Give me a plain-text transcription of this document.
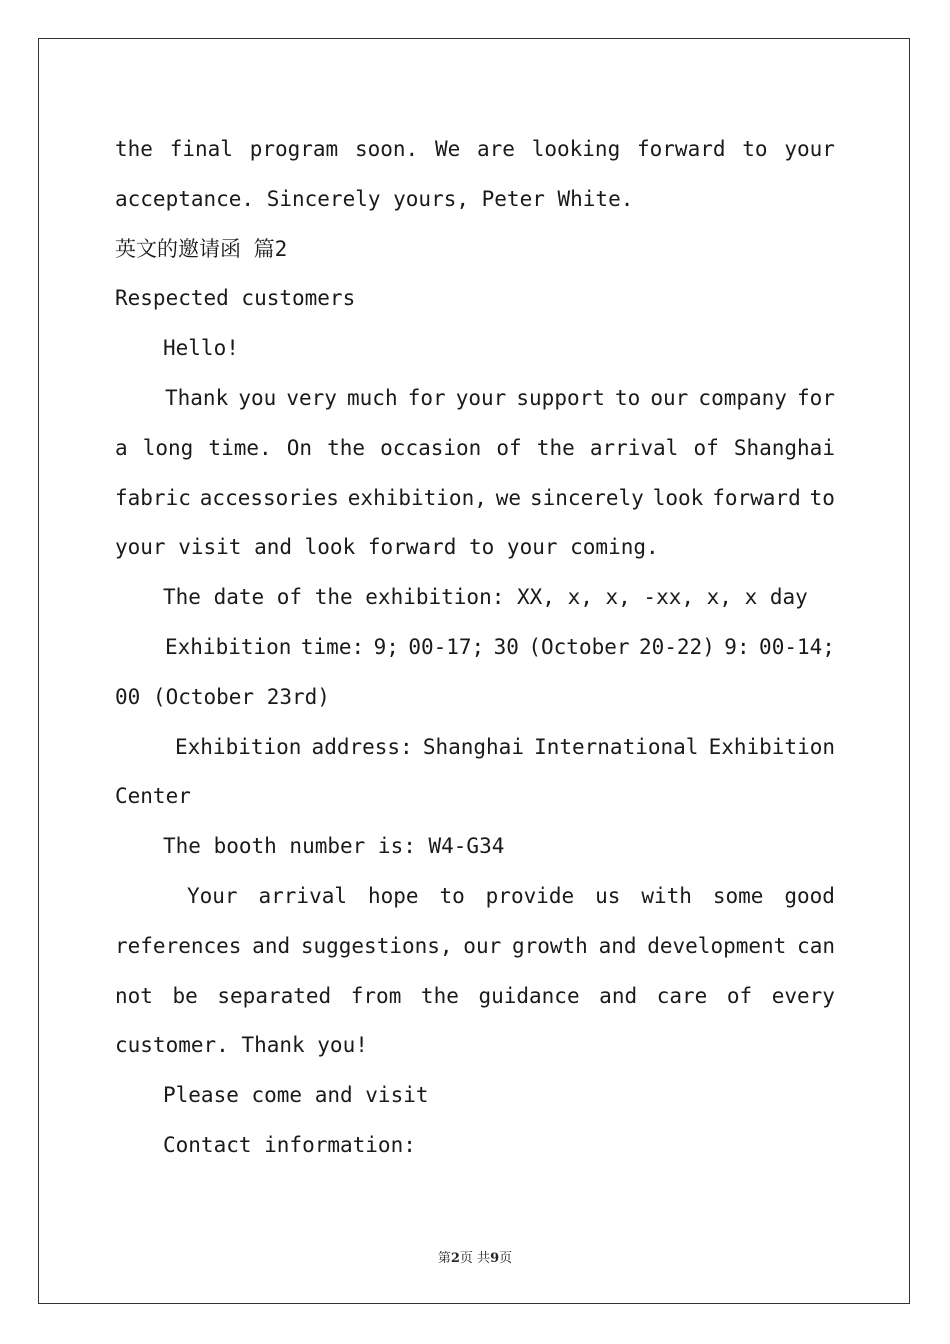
the final program soon. We are looking forward to your
acceptance. Sincerely yours, Peter White.
英文的邀请函 篇2
Respected customers
Hello!
Thank you very much for your support to our company for
a long time. On the occasion of the arrival of Shanghai
fabric accessories exhibition, we sincerely look forward to
your visit and look forward to your coming.
The date of the exhibition: XX, x, x, -xx, x, x day
Exhibition time: 9; 00-17; 30 (October 20-22) 9: 00-14;
00 (October 23rd)
Exhibition address: Shanghai International Exhibition
Center
The booth number is: W4-G34
Your arrival hope to provide us with some good
references and suggestions, our growth and development can
not be separated from the guidance and care of every
customer. Thank you!
Please come and visit
Contact information:
第2页 共9页
